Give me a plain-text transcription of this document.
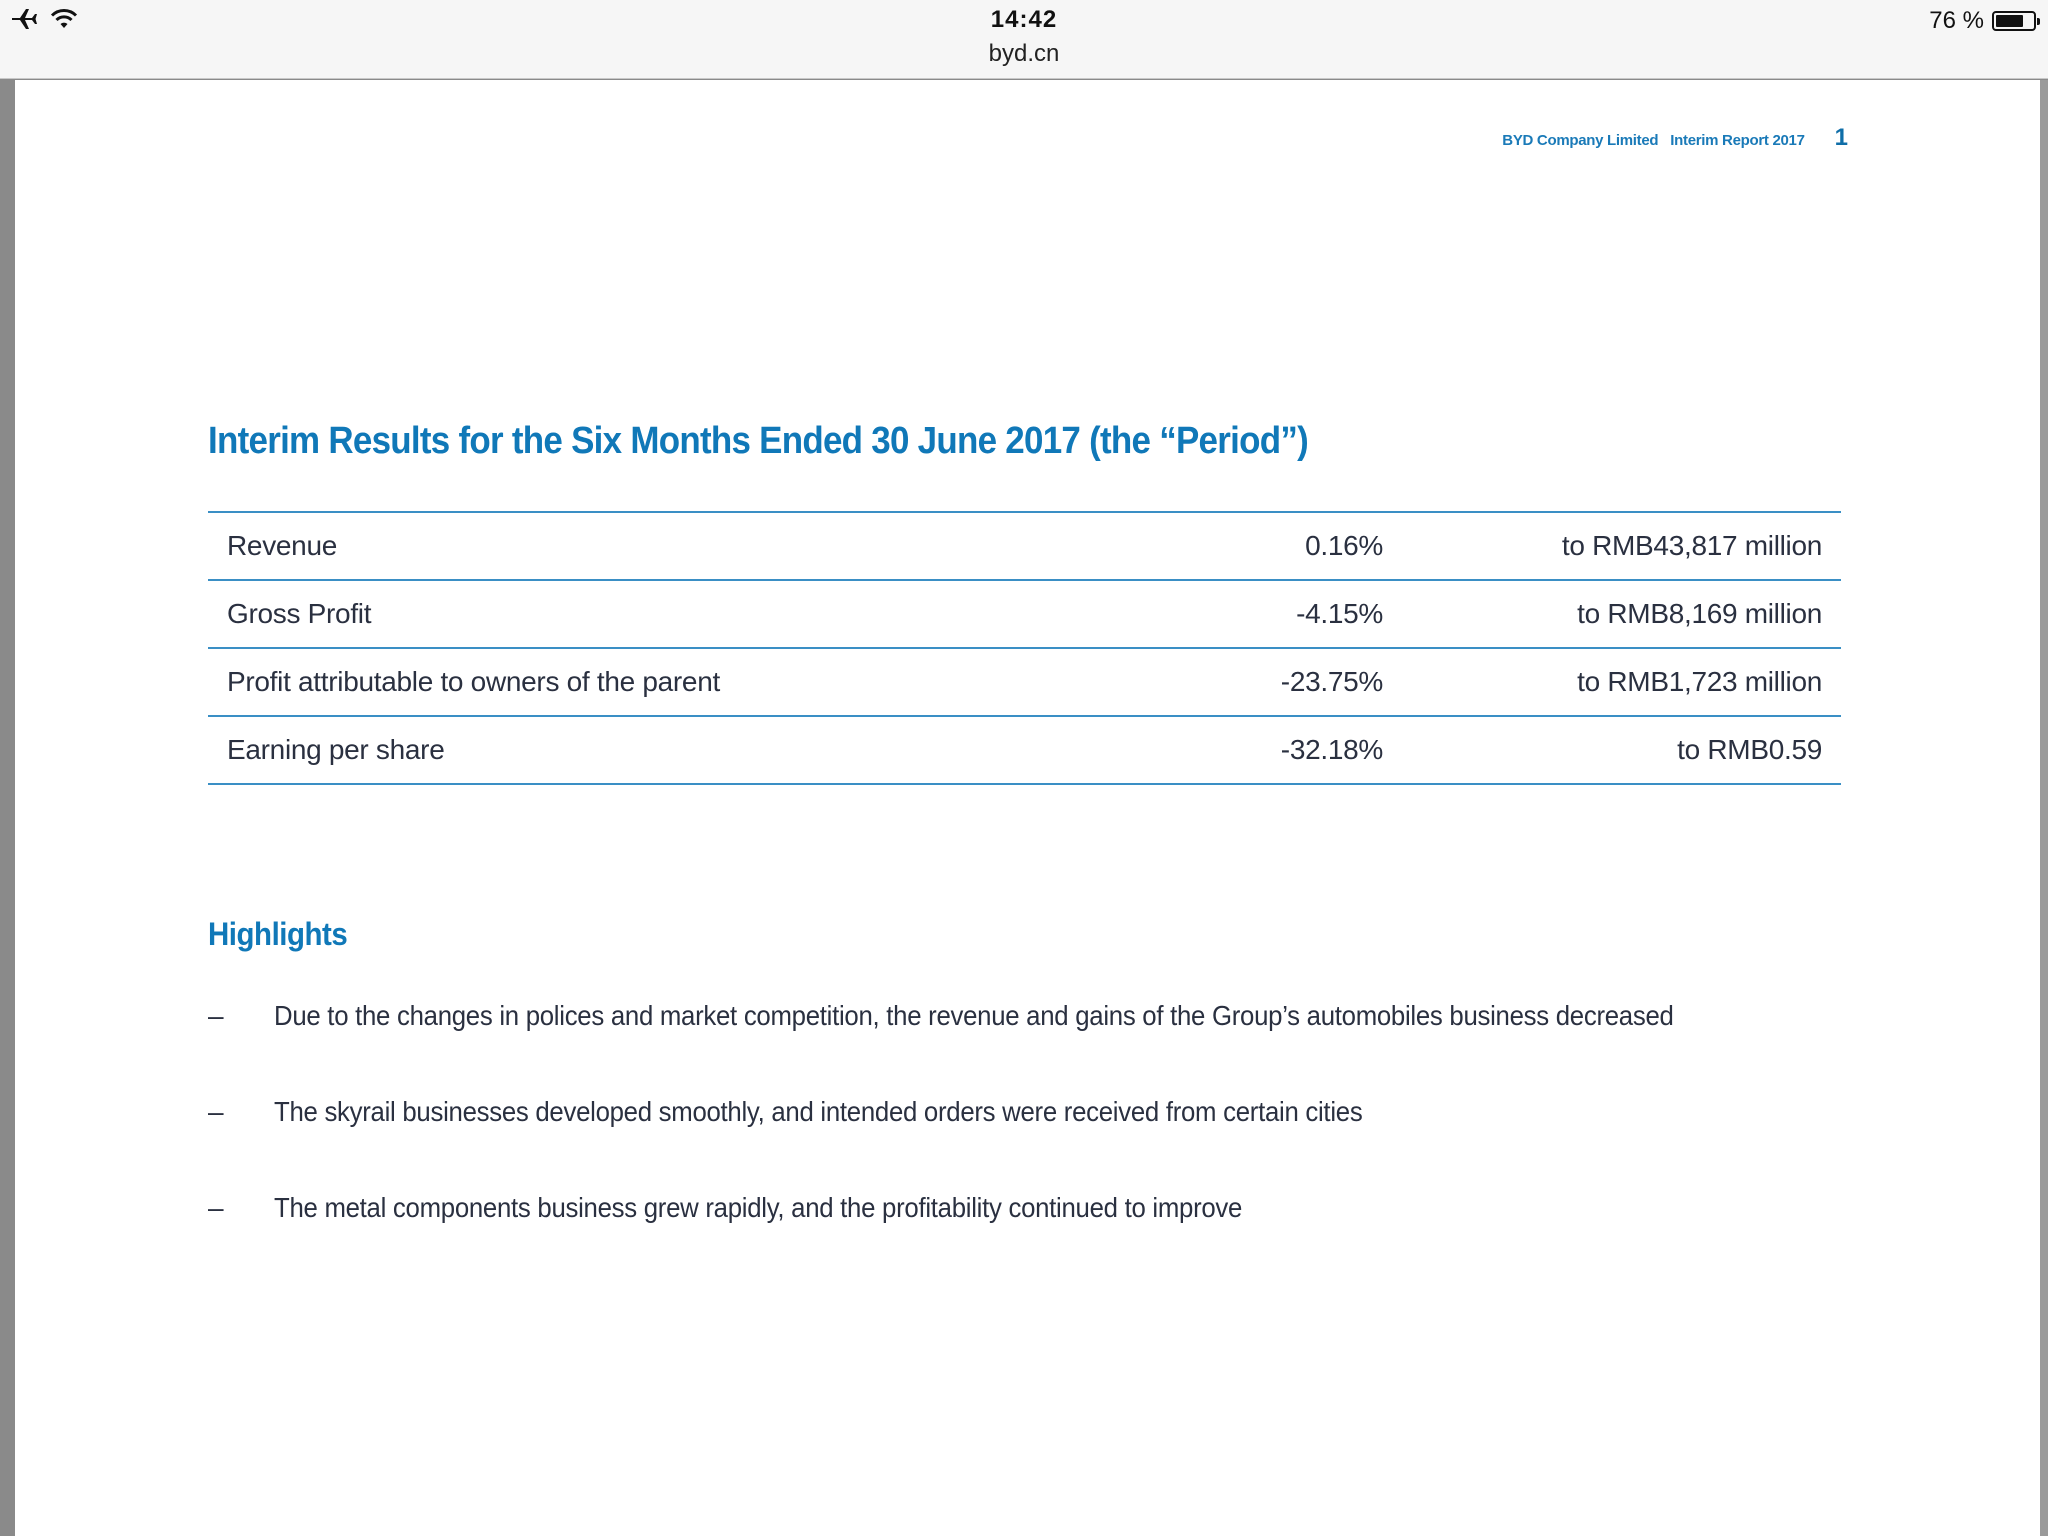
14:42
byd.cn
76 %
BYD Company Limited Interim Report 2017 1
Interim Results for the Six Months Ended 30 June 2017 (the “Period”)
Revenue	0.16%	to RMB43,817 million
Gross Profit	-4.15%	to RMB8,169 million
Profit attributable to owners of the parent	-23.75%	to RMB1,723 million
Earning per share	-32.18%	to RMB0.59
Highlights
–	Due to the changes in polices and market competition, the revenue and gains of the Group’s automobiles business decreased
–	The skyrail businesses developed smoothly, and intended orders were received from certain cities
–	The metal components business grew rapidly, and the profitability continued to improve
